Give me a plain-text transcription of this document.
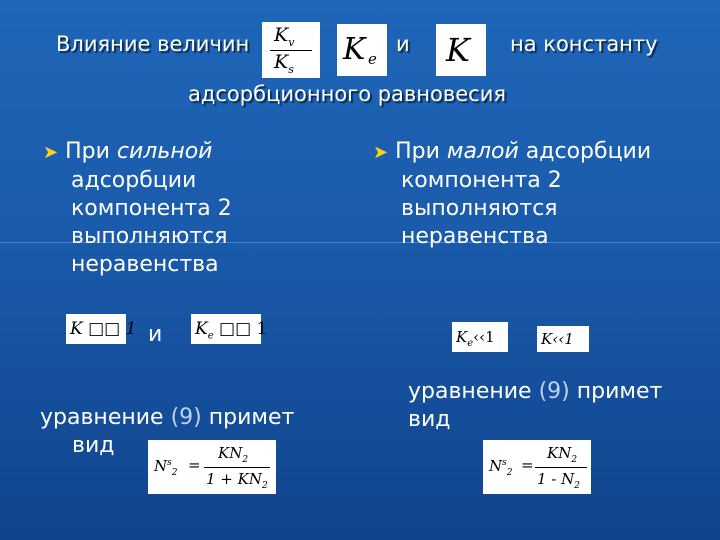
Влияние величин $K_v$
$K_s$
K e
и K на константу
адсорбционного равновесия
➤ При сильной
адсорбции
компонента 2
выполняются
неравенства
K □□ 1 и $K_e$ □□ 1
уравнение (9) примет
вид
$N^s_2$ =
$KN_2$
$1 + KN_2$
➤ При малой адсорбции
компонента 2
выполняются
неравенства
$K_e‹‹1$	K‹‹1
уравнение (9) примет
вид
$N^s_2$ =
$KN_2$
$1 - N_2$
